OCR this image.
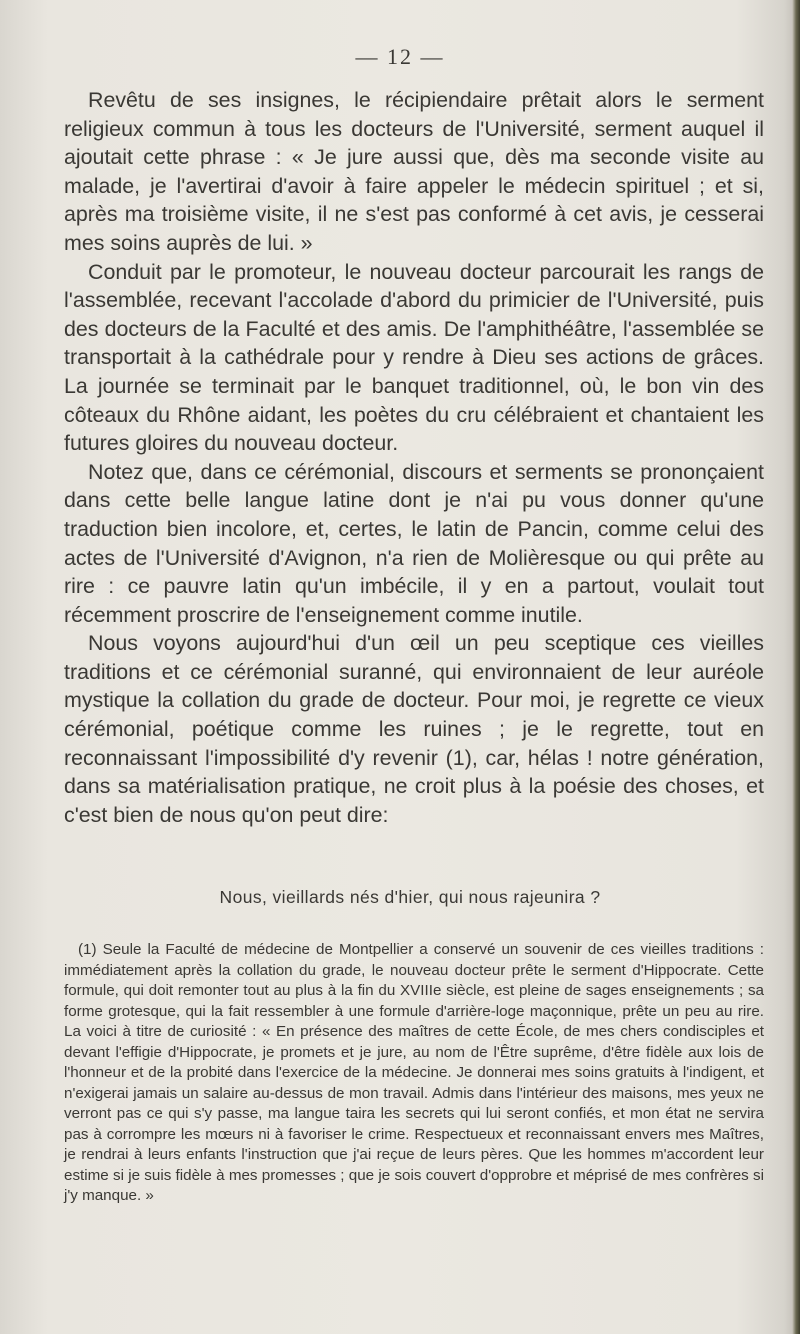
— 12 —

Revêtu de ses insignes, le récipiendaire prêtait alors le serment religieux commun à tous les docteurs de l'Université, serment auquel il ajoutait cette phrase : « Je jure aussi que, dès ma seconde visite au malade, je l'avertirai d'avoir à faire appeler le médecin spirituel ; et si, après ma troisième visite, il ne s'est pas conformé à cet avis, je cesserai mes soins auprès de lui. »

Conduit par le promoteur, le nouveau docteur parcourait les rangs de l'assemblée, recevant l'accolade d'abord du primicier de l'Université, puis des docteurs de la Faculté et des amis. De l'amphithéâtre, l'assemblée se transportait à la cathédrale pour y rendre à Dieu ses actions de grâces. La journée se terminait par le banquet traditionnel, où, le bon vin des côteaux du Rhône aidant, les poètes du cru célébraient et chantaient les futures gloires du nouveau docteur.

Notez que, dans ce cérémonial, discours et serments se prononçaient dans cette belle langue latine dont je n'ai pu vous donner qu'une traduction bien incolore, et, certes, le latin de Pancin, comme celui des actes de l'Université d'Avignon, n'a rien de Molièresque ou qui prête au rire : ce pauvre latin qu'un imbécile, il y en a partout, voulait tout récemment proscrire de l'enseignement comme inutile.

Nous voyons aujourd'hui d'un œil un peu sceptique ces vieilles traditions et ce cérémonial suranné, qui environnaient de leur auréole mystique la collation du grade de docteur. Pour moi, je regrette ce vieux cérémonial, poétique comme les ruines ; je le regrette, tout en reconnaissant l'impossibilité d'y revenir (1), car, hélas ! notre génération, dans sa matérialisation pratique, ne croit plus à la poésie des choses, et c'est bien de nous qu'on peut dire:

Nous, vieillards nés d'hier, qui nous rajeunira ?

(1) Seule la Faculté de médecine de Montpellier a conservé un souvenir de ces vieilles traditions : immédiatement après la collation du grade, le nouveau docteur prête le serment d'Hippocrate. Cette formule, qui doit remonter tout au plus à la fin du XVIIIe siècle, est pleine de sages enseignements ; sa forme grotesque, qui la fait ressembler à une formule d'arrière-loge maçonnique, prête un peu au rire. La voici à titre de curiosité : « En présence des maîtres de cette École, de mes chers condisciples et devant l'effigie d'Hippocrate, je promets et je jure, au nom de l'Être suprême, d'être fidèle aux lois de l'honneur et de la probité dans l'exercice de la médecine. Je donnerai mes soins gratuits à l'indigent, et n'exigerai jamais un salaire au-dessus de mon travail. Admis dans l'intérieur des maisons, mes yeux ne verront pas ce qui s'y passe, ma langue taira les secrets qui lui seront confiés, et mon état ne servira pas à corrompre les mœurs ni à favoriser le crime. Respectueux et reconnaissant envers mes Maîtres, je rendrai à leurs enfants l'instruction que j'ai reçue de leurs pères. Que les hommes m'accordent leur estime si je suis fidèle à mes promesses ; que je sois couvert d'opprobre et méprisé de mes confrères si j'y manque. »
